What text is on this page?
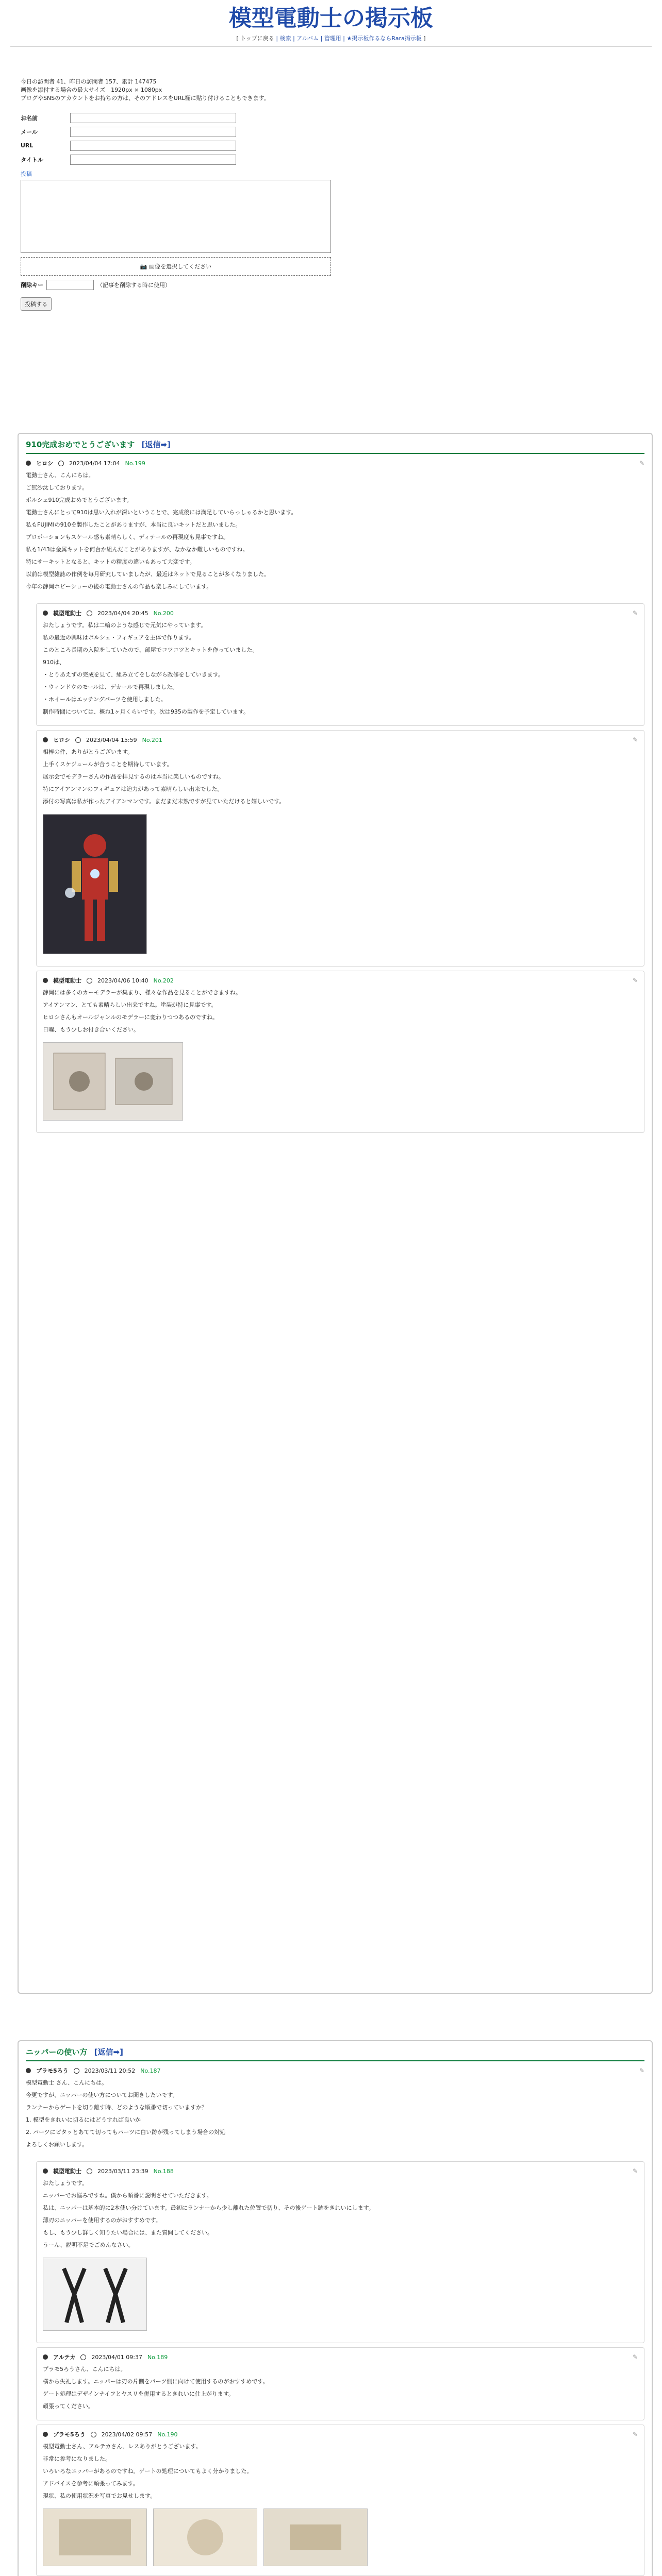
模型電動士の掲示板
[ トップに戻る | 検索 | アルバム | 管理用 | ★掲示板作るならRara掲示板 ]
今日の訪問者 41、昨日の訪問者 157、累計 147475
画像を添付する場合の最大サイズ　1920px × 1080px
ブログやSNSのアカウントをお持ちの方は、そのアドレスをURL欄に貼り付けることもできます。
お名前
メール
URL
タイトル
投稿
📷 画像を選択してください
削除キー	（記事を削除する時に使用）
投稿する
910完成おめでとうございます [返信➡]
ヒロシ	2023/04/04 17:04 No.199	✎

電動士さん、こんにちは。

ご無沙汰しております。

ポルシェ910完成おめでとうございます。

電動士さんにとって910は思い入れが深いということで、完成後には満足していらっしゃるかと思います。

私もFUJIMIの910を製作したことがありますが、本当に良いキットだと思いました。

プロポーションもスケール感も素晴らしく、ディテールの再現度も見事ですね。

私も1/43は金属キットを何台か組んだことがありますが、なかなか難しいものですね。

特にサーキットとなると、キットの精度の違いもあって大変です。

以前は模型雑誌の作例を毎月研究していましたが、最近はネットで見ることが多くなりました。

今年の静岡ホビーショーの後の電動士さんの作品も楽しみにしています。

模型電動士	2023/04/04 20:45 No.200	✎

おたしょうです。私は二輪のような感じで元気にやっています。

私の最近の興味はポルシェ・フィギュアを主体で作ります。

このところ長期の入院をしていたので、部屋でコツコツとキットを作っていました。

910は、

・とりあえずの完成を見て、組み立てをしながら改修をしていきます。

・ウィンドウのモールは、デカールで再現しました。

・ホイールはエッチングパーツを使用しました。

制作時間については、概ね1ヶ月くらいです。次は935の製作を予定しています。

ヒロシ	2023/04/04 15:59 No.201	✎

相棒の件、ありがとうございます。

上手くスケジュールが合うことを期待しています。

展示会でモデラーさんの作品を拝見するのは本当に楽しいものですね。

特にアイアンマンのフィギュアは迫力があって素晴らしい出来でした。

添付の写真は私が作ったアイアンマンです。まだまだ未熟ですが見ていただけると嬉しいです。

模型電動士	2023/04/06 10:40 No.202	✎

静岡には多くのカーモデラーが集まり、様々な作品を見ることができますね。

アイアンマン、とても素晴らしい出来ですね。塗装が特に見事です。

ヒロシさんもオールジャンルのモデラーに変わりつつあるのですね。

日曜、もう少しお付き合いください。

ニッパーの使い方 [返信➡]
プラモ5ろう	2023/03/11 20:52 No.187	✎

模型電動士 さん、こんにちは。

今更ですが、ニッパーの使い方についてお聞きしたいです。

ランナーからゲートを切り離す時、どのような順番で切っていますか？

1. 模型をきれいに切るにはどうすれば良いか

2. パーツにピタッとあてて切ってもパーツに白い跡が残ってしまう場合の対処

よろしくお願いします。

模型電動士	2023/03/11 23:39 No.188	✎

おたしょうです。

ニッパーでお悩みですね。僕から順番に説明させていただきます。

私は、ニッパーは基本的に2本使い分けています。最初にランナーから少し離れた位置で切り、その後ゲート跡をきれいにします。

薄刃のニッパーを使用するのがおすすめです。

もし、もう少し詳しく知りたい場合には、また質問してください。

うーん、説明不足でごめんなさい。

アルテカ	2023/04/01 09:37 No.189	✎

プラモ5ろうさん、こんにちは。

横から失礼します。ニッパーは刃の片側をパーツ側に向けて使用するのがおすすめです。

ゲート処理はデザインナイフとヤスリを併用するときれいに仕上がります。

頑張ってください。

プラモ5ろう	2023/04/02 09:57 No.190	✎

模型電動士さん、アルテカさん、レスありがとうございます。

非常に参考になりました。

いろいろなニッパーがあるのですね。ゲートの処理についてもよく分かりました。

アドバイスを参考に頑張ってみます。

現状、私の使用状況を写真でお見せします。
